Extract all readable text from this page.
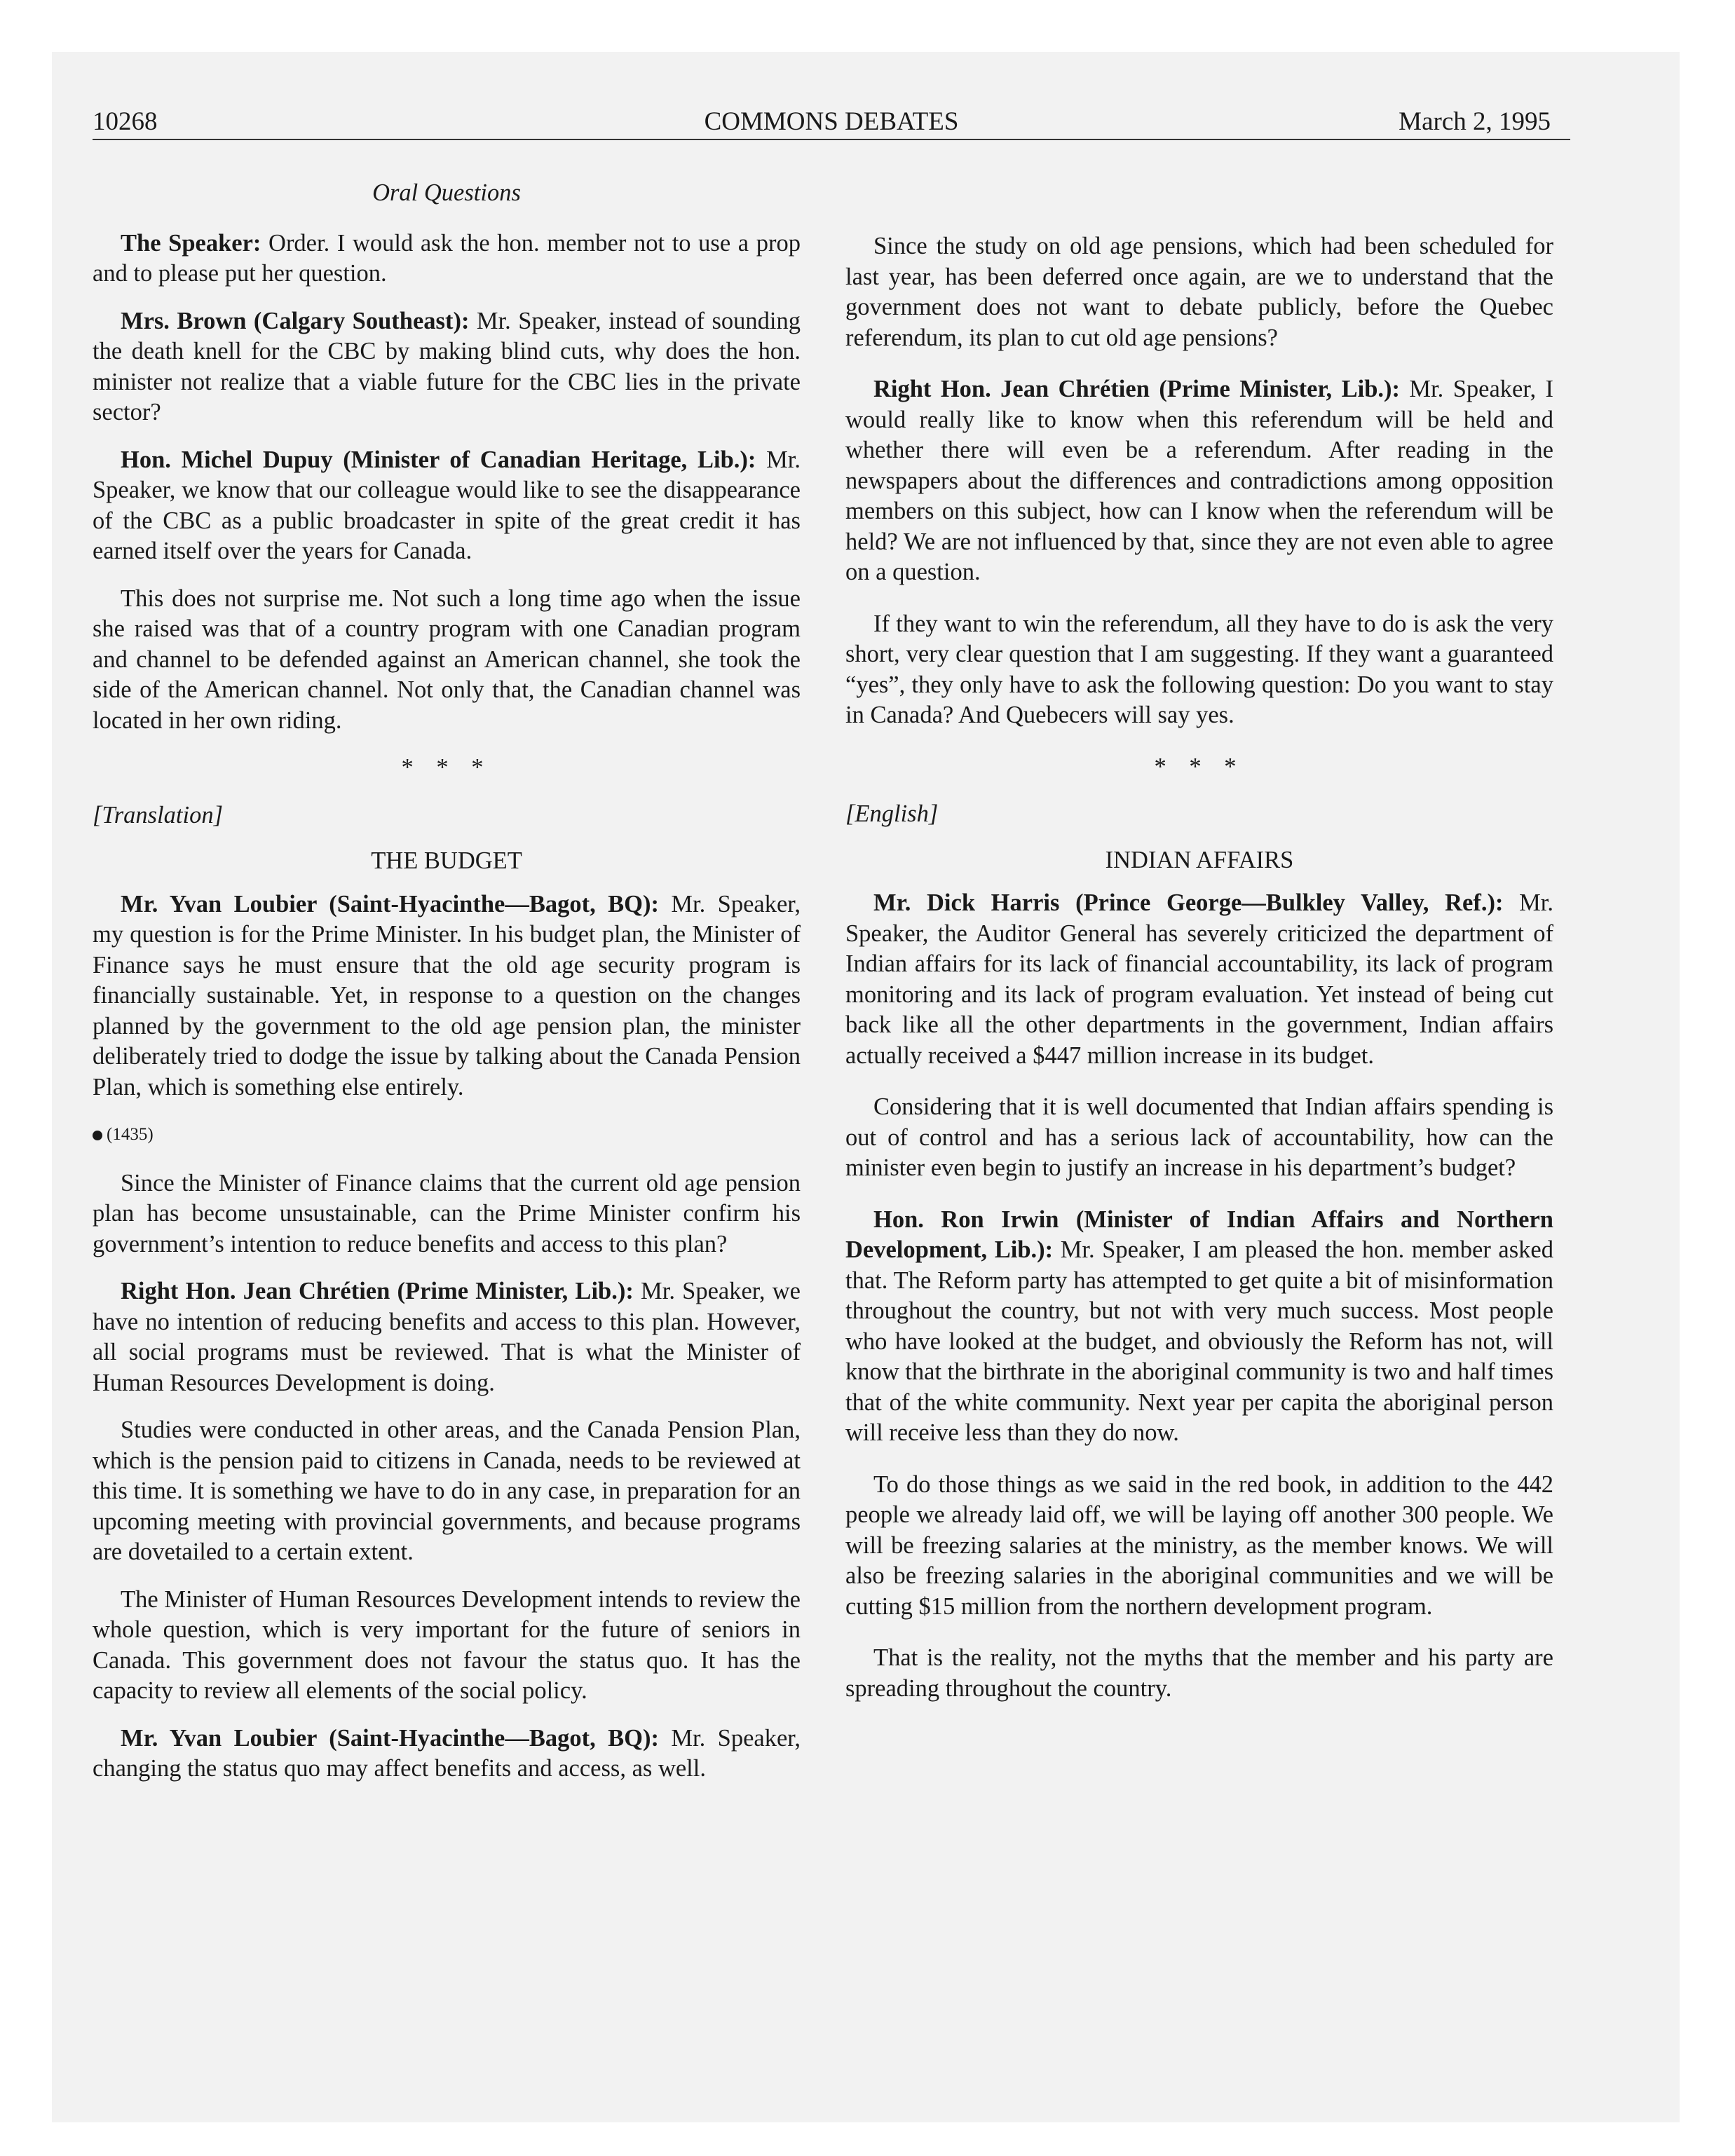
10268	COMMONS DEBATES	March 2, 1995
Oral Questions

The Speaker: Order. I would ask the hon. member not to use a prop and to please put her question.

Mrs. Brown (Calgary Southeast): Mr. Speaker, instead of sounding the death knell for the CBC by making blind cuts, why does the hon. minister not realize that a viable future for the CBC lies in the private sector?

Hon. Michel Dupuy (Minister of Canadian Heritage, Lib.): Mr. Speaker, we know that our colleague would like to see the disappearance of the CBC as a public broadcaster in spite of the great credit it has earned itself over the years for Canada.

This does not surprise me. Not such a long time ago when the issue she raised was that of a country program with one Canadian program and channel to be defended against an American channel, she took the side of the American channel. Not only that, the Canadian channel was located in her own riding.

* * *
[Translation]
THE BUDGET

Mr. Yvan Loubier (Saint-Hyacinthe—Bagot, BQ): Mr. Speaker, my question is for the Prime Minister. In his budget plan, the Minister of Finance says he must ensure that the old age security program is financially sustainable. Yet, in response to a question on the changes planned by the government to the old age pension plan, the minister deliberately tried to dodge the issue by talking about the Canada Pension Plan, which is something else entirely.

(1435)

Since the Minister of Finance claims that the current old age pension plan has become unsustainable, can the Prime Minister confirm his government’s intention to reduce benefits and access to this plan?

Right Hon. Jean Chrétien (Prime Minister, Lib.): Mr. Speaker, we have no intention of reducing benefits and access to this plan. However, all social programs must be reviewed. That is what the Minister of Human Resources Development is doing.

Studies were conducted in other areas, and the Canada Pension Plan, which is the pension paid to citizens in Canada, needs to be reviewed at this time. It is something we have to do in any case, in preparation for an upcoming meeting with provincial governments, and because programs are dovetailed to a certain extent.

The Minister of Human Resources Development intends to review the whole question, which is very important for the future of seniors in Canada. This government does not favour the status quo. It has the capacity to review all elements of the social policy.

Mr. Yvan Loubier (Saint-Hyacinthe—Bagot, BQ): Mr. Speaker, changing the status quo may affect benefits and access, as well.

Since the study on old age pensions, which had been scheduled for last year, has been deferred once again, are we to understand that the government does not want to debate publicly, before the Quebec referendum, its plan to cut old age pensions?

Right Hon. Jean Chrétien (Prime Minister, Lib.): Mr. Speaker, I would really like to know when this referendum will be held and whether there will even be a referendum. After reading in the newspapers about the differences and contradictions among opposition members on this subject, how can I know when the referendum will be held? We are not influenced by that, since they are not even able to agree on a question.

If they want to win the referendum, all they have to do is ask the very short, very clear question that I am suggesting. If they want a guaranteed “yes”, they only have to ask the following question: Do you want to stay in Canada? And Quebecers will say yes.

* * *
[English]
INDIAN AFFAIRS

Mr. Dick Harris (Prince George—Bulkley Valley, Ref.): Mr. Speaker, the Auditor General has severely criticized the department of Indian affairs for its lack of financial accountability, its lack of program monitoring and its lack of program evaluation. Yet instead of being cut back like all the other departments in the government, Indian affairs actually received a $447 million increase in its budget.

Considering that it is well documented that Indian affairs spending is out of control and has a serious lack of accountability, how can the minister even begin to justify an increase in his department’s budget?

Hon. Ron Irwin (Minister of Indian Affairs and Northern Development, Lib.): Mr. Speaker, I am pleased the hon. member asked that. The Reform party has attempted to get quite a bit of misinformation throughout the country, but not with very much success. Most people who have looked at the budget, and obviously the Reform has not, will know that the birthrate in the aboriginal community is two and half times that of the white community. Next year per capita the aboriginal person will receive less than they do now.

To do those things as we said in the red book, in addition to the 442 people we already laid off, we will be laying off another 300 people. We will be freezing salaries at the ministry, as the member knows. We will also be freezing salaries in the aboriginal communities and we will be cutting $15 million from the northern development program.

That is the reality, not the myths that the member and his party are spreading throughout the country.
